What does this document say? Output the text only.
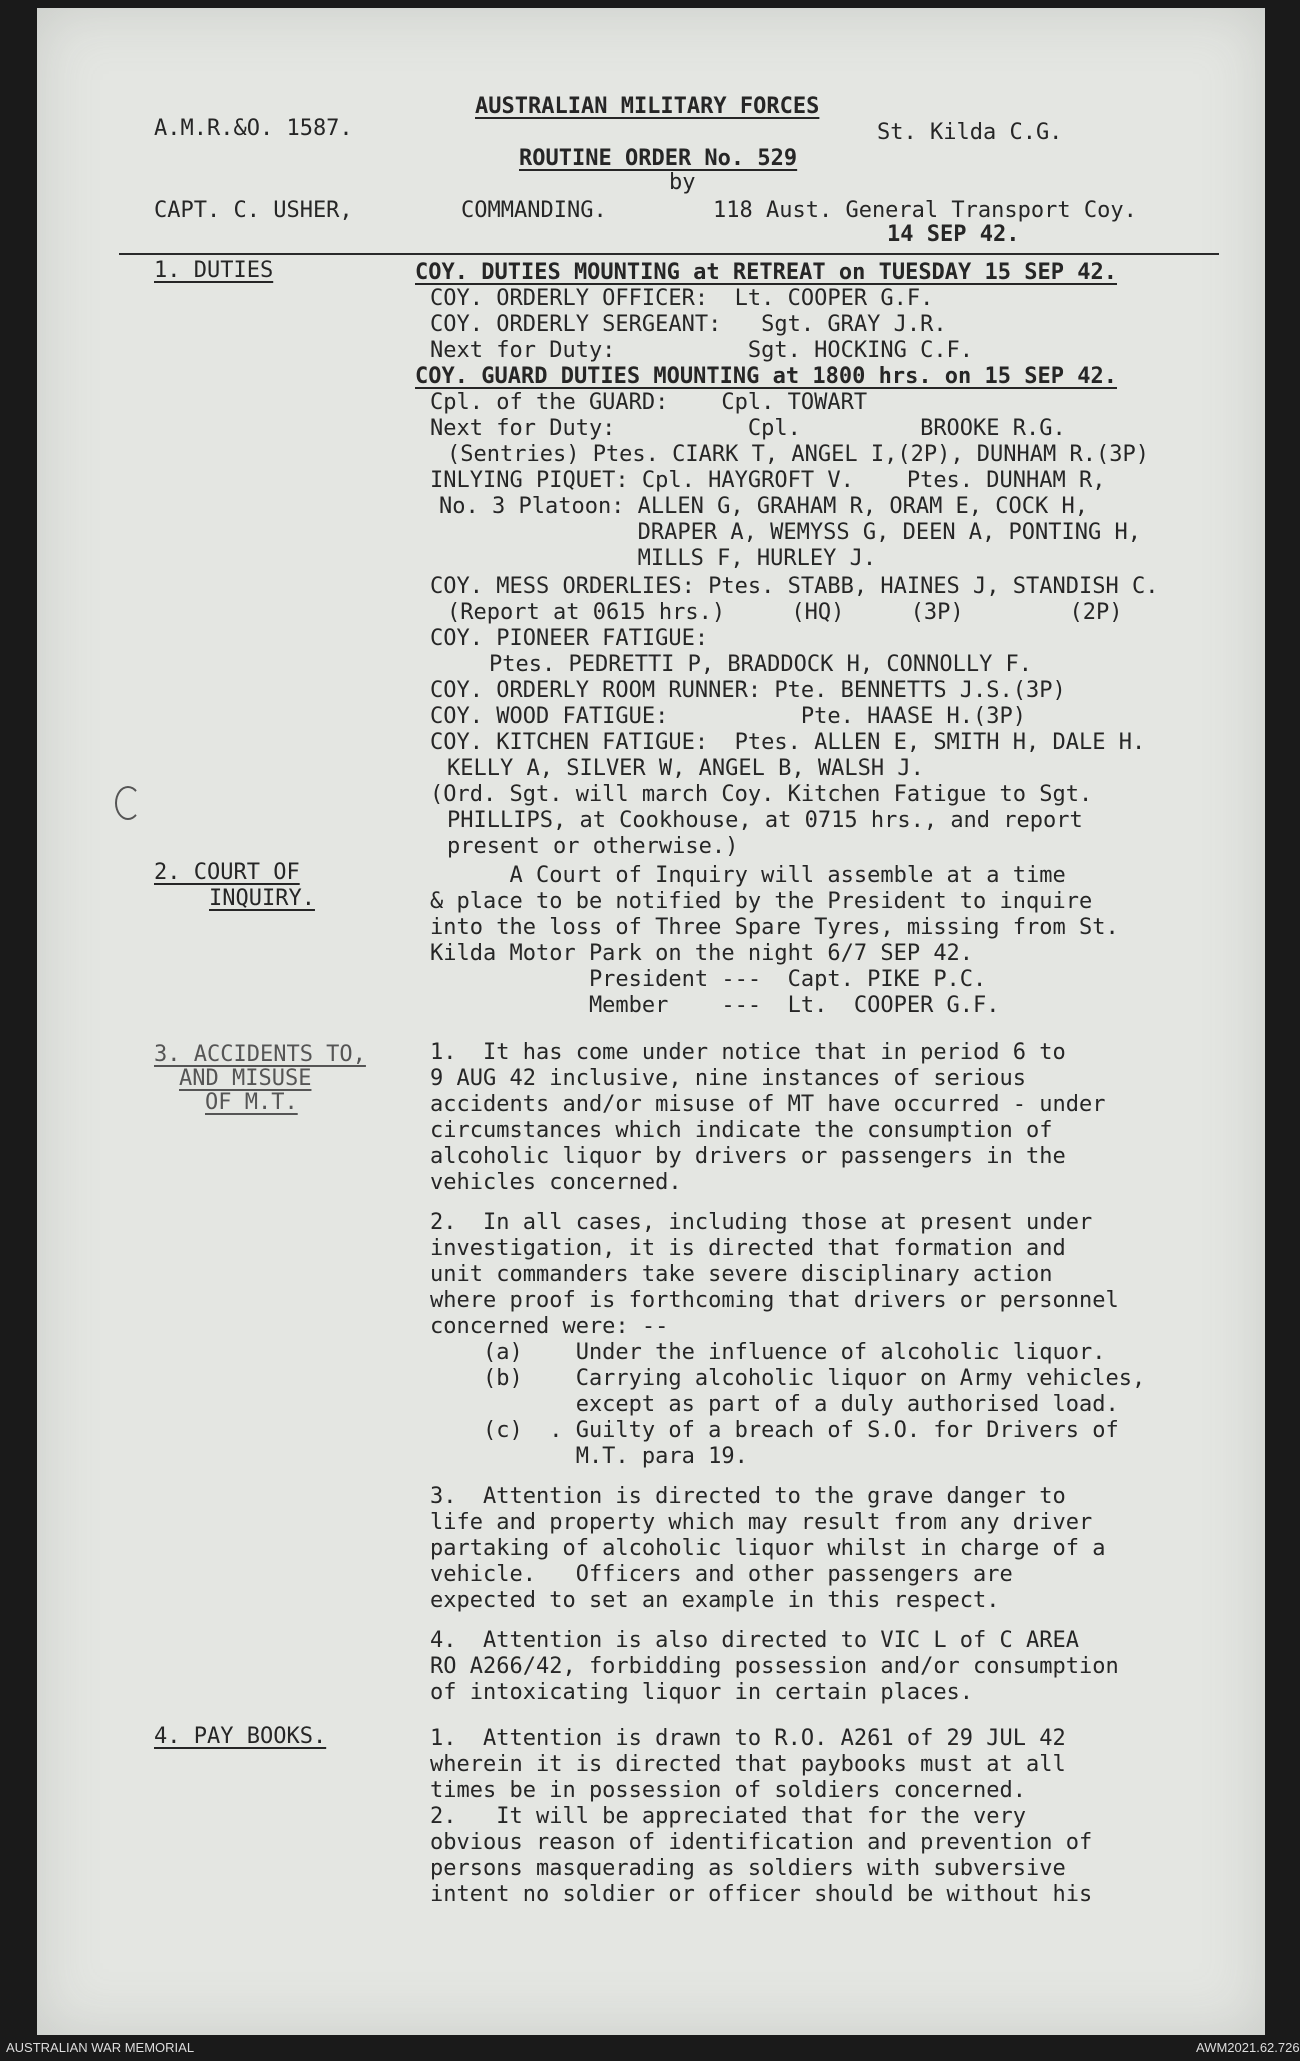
A.M.R.&O. 1587.
AUSTRALIAN MILITARY FORCES
St. Kilda C.G.
ROUTINE ORDER No. 529
by
CAPT. C. USHER,	COMMANDING.	118 Aust. General Transport Coy.
14 SEP 42.
1. DUTIES	COY. DUTIES MOUNTING at RETREAT on TUESDAY 15 SEP 42.
COY. ORDERLY OFFICER:  Lt. COOPER G.F.
COY. ORDERLY SERGEANT:   Sgt. GRAY J.R.
Next for Duty:          Sgt. HOCKING C.F.
COY. GUARD DUTIES MOUNTING at 1800 hrs. on 15 SEP 42.
Cpl. of the GUARD:    Cpl. TOWART
Next for Duty:          Cpl.         BROOKE R.G.
(Sentries) Ptes. CIARK T, ANGEL I,(2P), DUNHAM R.(3P)
INLYING PIQUET: Cpl. HAYGROFT V.    Ptes. DUNHAM R,
No. 3 Platoon: ALLEN G, GRAHAM R, ORAM E, COCK H,
DRAPER A, WEMYSS G, DEEN A, PONTING H,
MILLS F, HURLEY J.
COY. MESS ORDERLIES: Ptes. STABB, HAINES J, STANDISH C.
(Report at 0615 hrs.)     (HQ)     (3P)        (2P)
COY. PIONEER FATIGUE:
Ptes. PEDRETTI P, BRADDOCK H, CONNOLLY F.
COY. ORDERLY ROOM RUNNER: Pte. BENNETTS J.S.(3P)
COY. WOOD FATIGUE:          Pte. HAASE H.(3P)
COY. KITCHEN FATIGUE:  Ptes. ALLEN E, SMITH H, DALE H.
KELLY A, SILVER W, ANGEL B, WALSH J.
(Ord. Sgt. will march Coy. Kitchen Fatigue to Sgt.
PHILLIPS, at Cookhouse, at 0715 hrs., and report
present or otherwise.)
2. COURT OF
INQUIRY.
A Court of Inquiry will assemble at a time
& place to be notified by the President to inquire
into the loss of Three Spare Tyres, missing from St.
Kilda Motor Park on the night 6/7 SEP 42.
President ---  Capt. PIKE P.C.
Member    ---  Lt.  COOPER G.F.
3. ACCIDENTS TO,
AND MISUSE
OF M.T.
1.  It has come under notice that in period 6 to
9 AUG 42 inclusive, nine instances of serious
accidents and/or misuse of MT have occurred - under
circumstances which indicate the consumption of
alcoholic liquor by drivers or passengers in the
vehicles concerned.
2.  In all cases, including those at present under
investigation, it is directed that formation and
unit commanders take severe disciplinary action
where proof is forthcoming that drivers or personnel
concerned were: --
(a)    Under the influence of alcoholic liquor.
(b)    Carrying alcoholic liquor on Army vehicles,
except as part of a duly authorised load.
(c)  . Guilty of a breach of S.O. for Drivers of
M.T. para 19.
3.  Attention is directed to the grave danger to
life and property which may result from any driver
partaking of alcoholic liquor whilst in charge of a
vehicle.   Officers and other passengers are
expected to set an example in this respect.
4.  Attention is also directed to VIC L of C AREA
RO A266/42, forbidding possession and/or consumption
of intoxicating liquor in certain places.
4. PAY BOOKS.	1.  Attention is drawn to R.O. A261 of 29 JUL 42
wherein it is directed that paybooks must at all
times be in possession of soldiers concerned.
2.   It will be appreciated that for the very
obvious reason of identification and prevention of
persons masquerading as soldiers with subversive
intent no soldier or officer should be without his
AUSTRALIAN WAR MEMORIAL	AWM2021.62.726
